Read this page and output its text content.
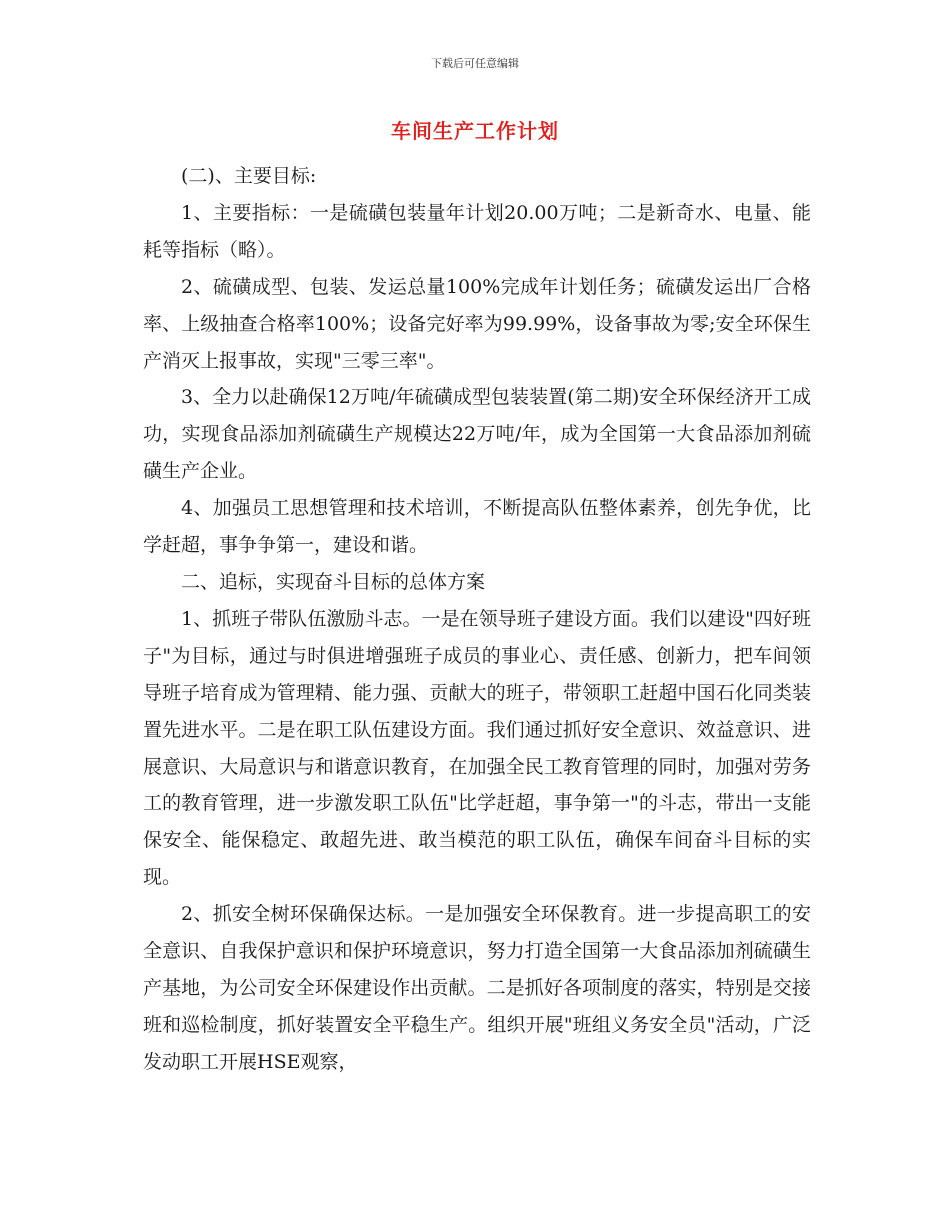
下载后可任意编辑
车间生产工作计划

(二)、主要目标:

1、主要指标：一是硫磺包装量年计划20.00万吨；二是新奇水、电量、能耗等指标（略）。

2、硫磺成型、包装、发运总量100%完成年计划任务；硫磺发运出厂合格率、上级抽查合格率100%；设备完好率为99.99%，设备事故为零;安全环保生产消灭上报事故，实现"三零三率"。

3、全力以赴确保12万吨/年硫磺成型包装装置(第二期)安全环保经济开工成功，实现食品添加剂硫磺生产规模达22万吨/年，成为全国第一大食品添加剂硫磺生产企业。

4、加强员工思想管理和技术培训，不断提高队伍整体素养，创先争优，比学赶超，事争争第一，建设和谐。

二、追标，实现奋斗目标的总体方案

1、抓班子带队伍激励斗志。一是在领导班子建设方面。我们以建设"四好班子"为目标，通过与时俱进增强班子成员的事业心、责任感、创新力，把车间领导班子培育成为管理精、能力强、贡献大的班子，带领职工赶超中国石化同类装置先进水平。二是在职工队伍建设方面。我们通过抓好安全意识、效益意识、进展意识、大局意识与和谐意识教育，在加强全民工教育管理的同时，加强对劳务工的教育管理，进一步激发职工队伍"比学赶超，事争第一"的斗志，带出一支能保安全、能保稳定、敢超先进、敢当模范的职工队伍，确保车间奋斗目标的实现。

2、抓安全树环保确保达标。一是加强安全环保教育。进一步提高职工的安全意识、自我保护意识和保护环境意识，努力打造全国第一大食品添加剂硫磺生产基地，为公司安全环保建设作出贡献。二是抓好各项制度的落实，特别是交接班和巡检制度，抓好装置安全平稳生产。组织开展"班组义务安全员"活动，广泛发动职工开展HSE观察，
